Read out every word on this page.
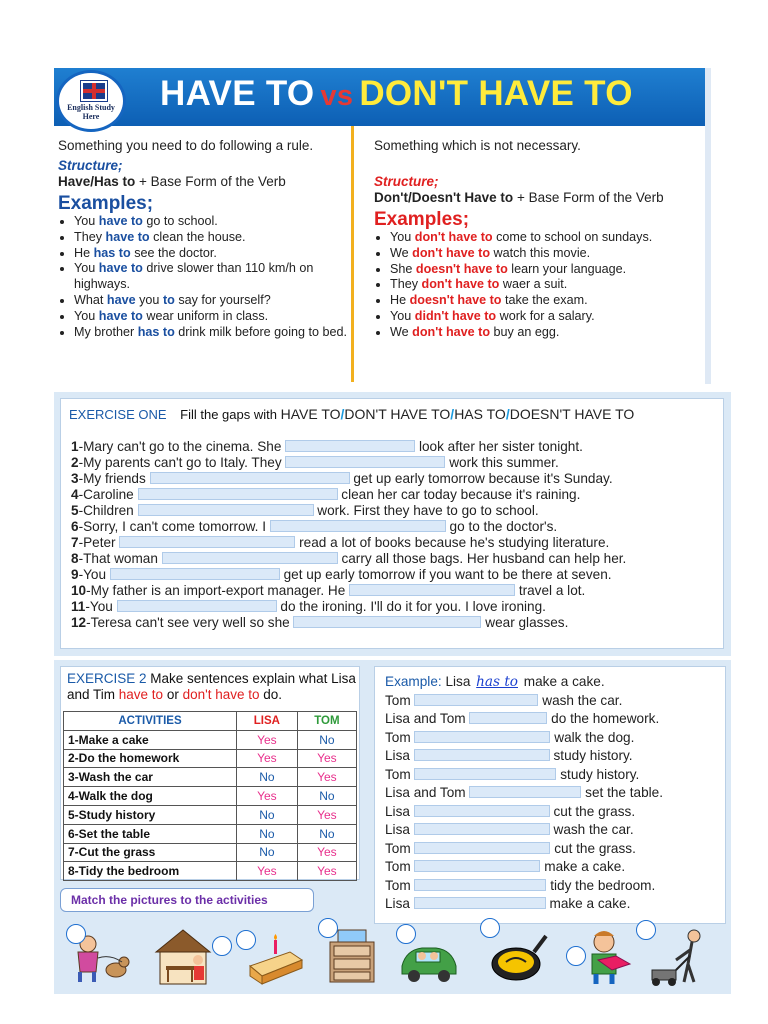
HAVE TO vs DON'T HAVE TO
English Study Here

Something you need to do following a rule.

Structure;

Have/Has to + Base Form of the Verb

Examples;
• You have to go to school.
• They have to clean the house.
• He has to see the doctor.
• You have to drive slower than 110 km/h on highways.
• What have you to say for yourself?
• You have to wear uniform in class.
• My brother has to drink milk before going to bed.

Something which is not necessary.

Structure;

Don't/Doesn't Have to + Base Form of the Verb

Examples;
• You don't have to come to school on sundays.
• We don't have to watch this movie.
• She doesn't have to learn your language.
• They don't have to waer a suit.
• He doesn't have to take the exam.
• You didn't have to work for a salary.
• We don't have to buy an egg.
EXERCISE ONE Fill the gaps with HAVE TO/DON'T HAVE TO/HAS TO/DOESN'T HAVE TO
1-Mary can't go to the cinema. She	look after her sister tonight.
2-My parents can't go to Italy. They	work this summer.
3-My friends	get up early tomorrow because it's Sunday.
4-Caroline	clean her car today because it's raining.
5-Children	work. First they have to go to school.
6-Sorry, I can't come tomorrow. I	go to the doctor's.
7-Peter	read a lot of books because he's studying literature.
8-That woman	carry all those bags. Her husband can help her.
9-You	get up early tomorrow if you want to be there at seven.
10-My father is an import-export manager. He	travel a lot.
11-You	do the ironing. I'll do it for you. I love ironing.
12-Teresa can't see very well so she	wear glasses.
EXERCISE 2 Make sentences explain what Lisa and Tim have to or don't have to do.
ACTIVITIES	LISA	TOM
1-Make a cake	Yes	No
2-Do the homework	Yes	Yes
3-Wash the car	No	Yes
4-Walk the dog	Yes	No
5-Study history	No	Yes
6-Set the table	No	No
7-Cut the grass	No	Yes
8-Tidy the bedroom	Yes	Yes
Match the pictures to the activities
Example: Lisa has to make a cake.
Tom	wash the car.
Lisa and Tom	do the homework.
Tom	walk the dog.
Lisa	study history.
Tom	study history.
Lisa and Tom	set the table.
Lisa	cut the grass.
Lisa	wash the car.
Tom	cut the grass.
Tom	make a cake.
Tom	tidy the bedroom.
Lisa	make a cake.
